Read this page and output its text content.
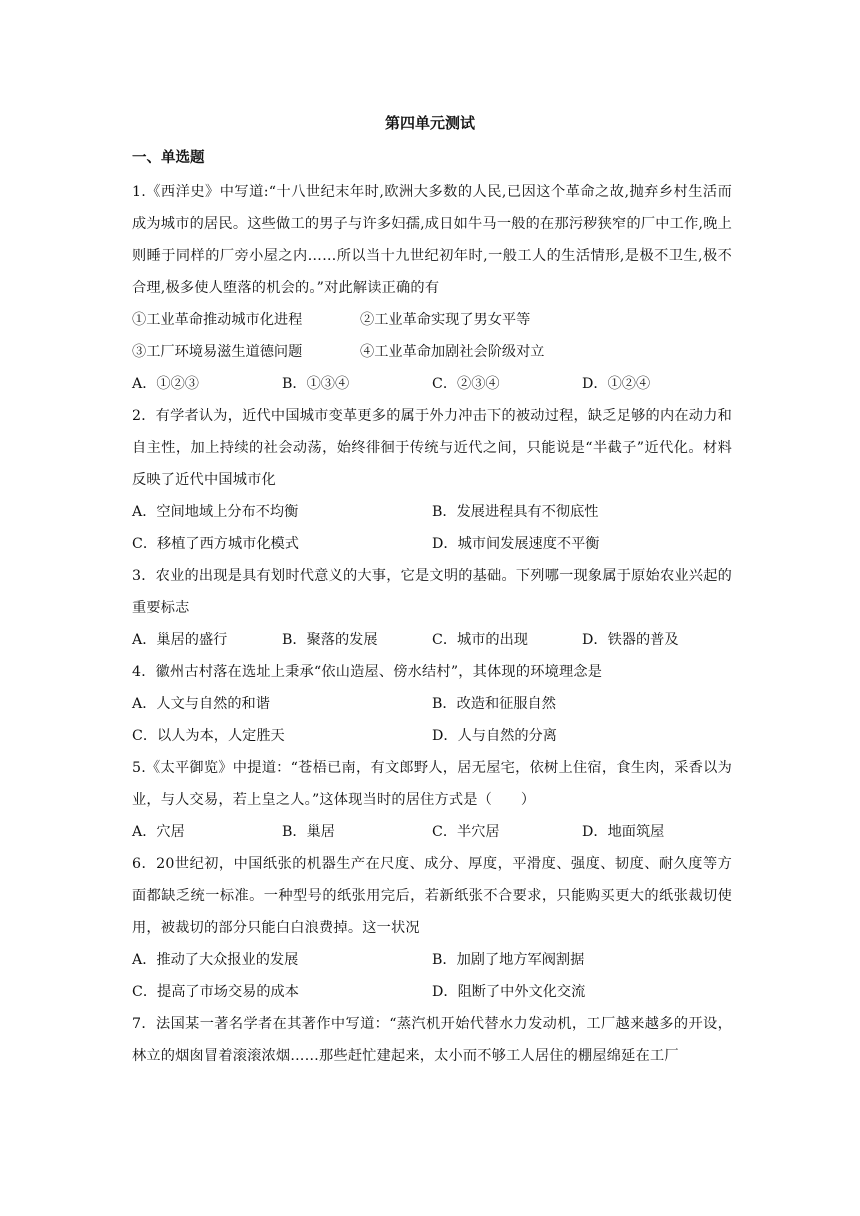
第四单元测试
一、单选题
1.《西洋史》中写道:“十八世纪末年时,欧洲大多数的人民,已因这个革命之故,抛弃乡村生活而成为城市的居民。这些做工的男子与许多妇孺,成日如牛马一般的在那污秽狭窄的厂中工作,晚上则睡于同样的厂旁小屋之内……所以当十九世纪初年时,一般工人的生活情形,是极不卫生,极不合理,极多使人堕落的机会的。”对此解读正确的有
①工业革命推动城市化进程	②工业革命实现了男女平等
③工厂环境易滋生道德问题	④工业革命加剧社会阶级对立
A．①②③	B．①③④	C．②③④	D．①②④
2．有学者认为，近代中国城市变革更多的属于外力冲击下的被动过程，缺乏足够的内在动力和自主性，加上持续的社会动荡，始终徘徊于传统与近代之间，只能说是“半截子”近代化。材料反映了近代中国城市化
A．空间地域上分布不均衡	B．发展进程具有不彻底性
C．移植了西方城市化模式	D．城市间发展速度不平衡
3．农业的出现是具有划时代意义的大事，它是文明的基础。下列哪一现象属于原始农业兴起的重要标志
A．巢居的盛行	B．聚落的发展	C．城市的出现	D．铁器的普及
4．徽州古村落在选址上秉承“依山造屋、傍水结村”，其体现的环境理念是
A．人文与自然的和谐	B．改造和征服自然
C．以人为本，人定胜天	D．人与自然的分离
5.《太平御览》中提道：“苍梧已南，有文郎野人，居无屋宅，依树上住宿，食生肉，采香以为业，与人交易，若上皇之人。”这体现当时的居住方式是（　　）
A．穴居	B．巢居	C．半穴居	D．地面筑屋
6．20世纪初，中国纸张的机器生产在尺度、成分、厚度，平滑度、强度、韧度、耐久度等方面都缺乏统一标准。一种型号的纸张用完后，若新纸张不合要求，只能购买更大的纸张裁切使用，被裁切的部分只能白白浪费掉。这一状况
A．推动了大众报业的发展	B．加剧了地方军阀割据
C．提高了市场交易的成本	D．阻断了中外文化交流
7．法国某一著名学者在其著作中写道：“蒸汽机开始代替水力发动机，工厂越来越多的开设，林立的烟囱冒着滚滚浓烟……那些赶忙建起来，太小而不够工人居住的棚屋绵延在工厂
